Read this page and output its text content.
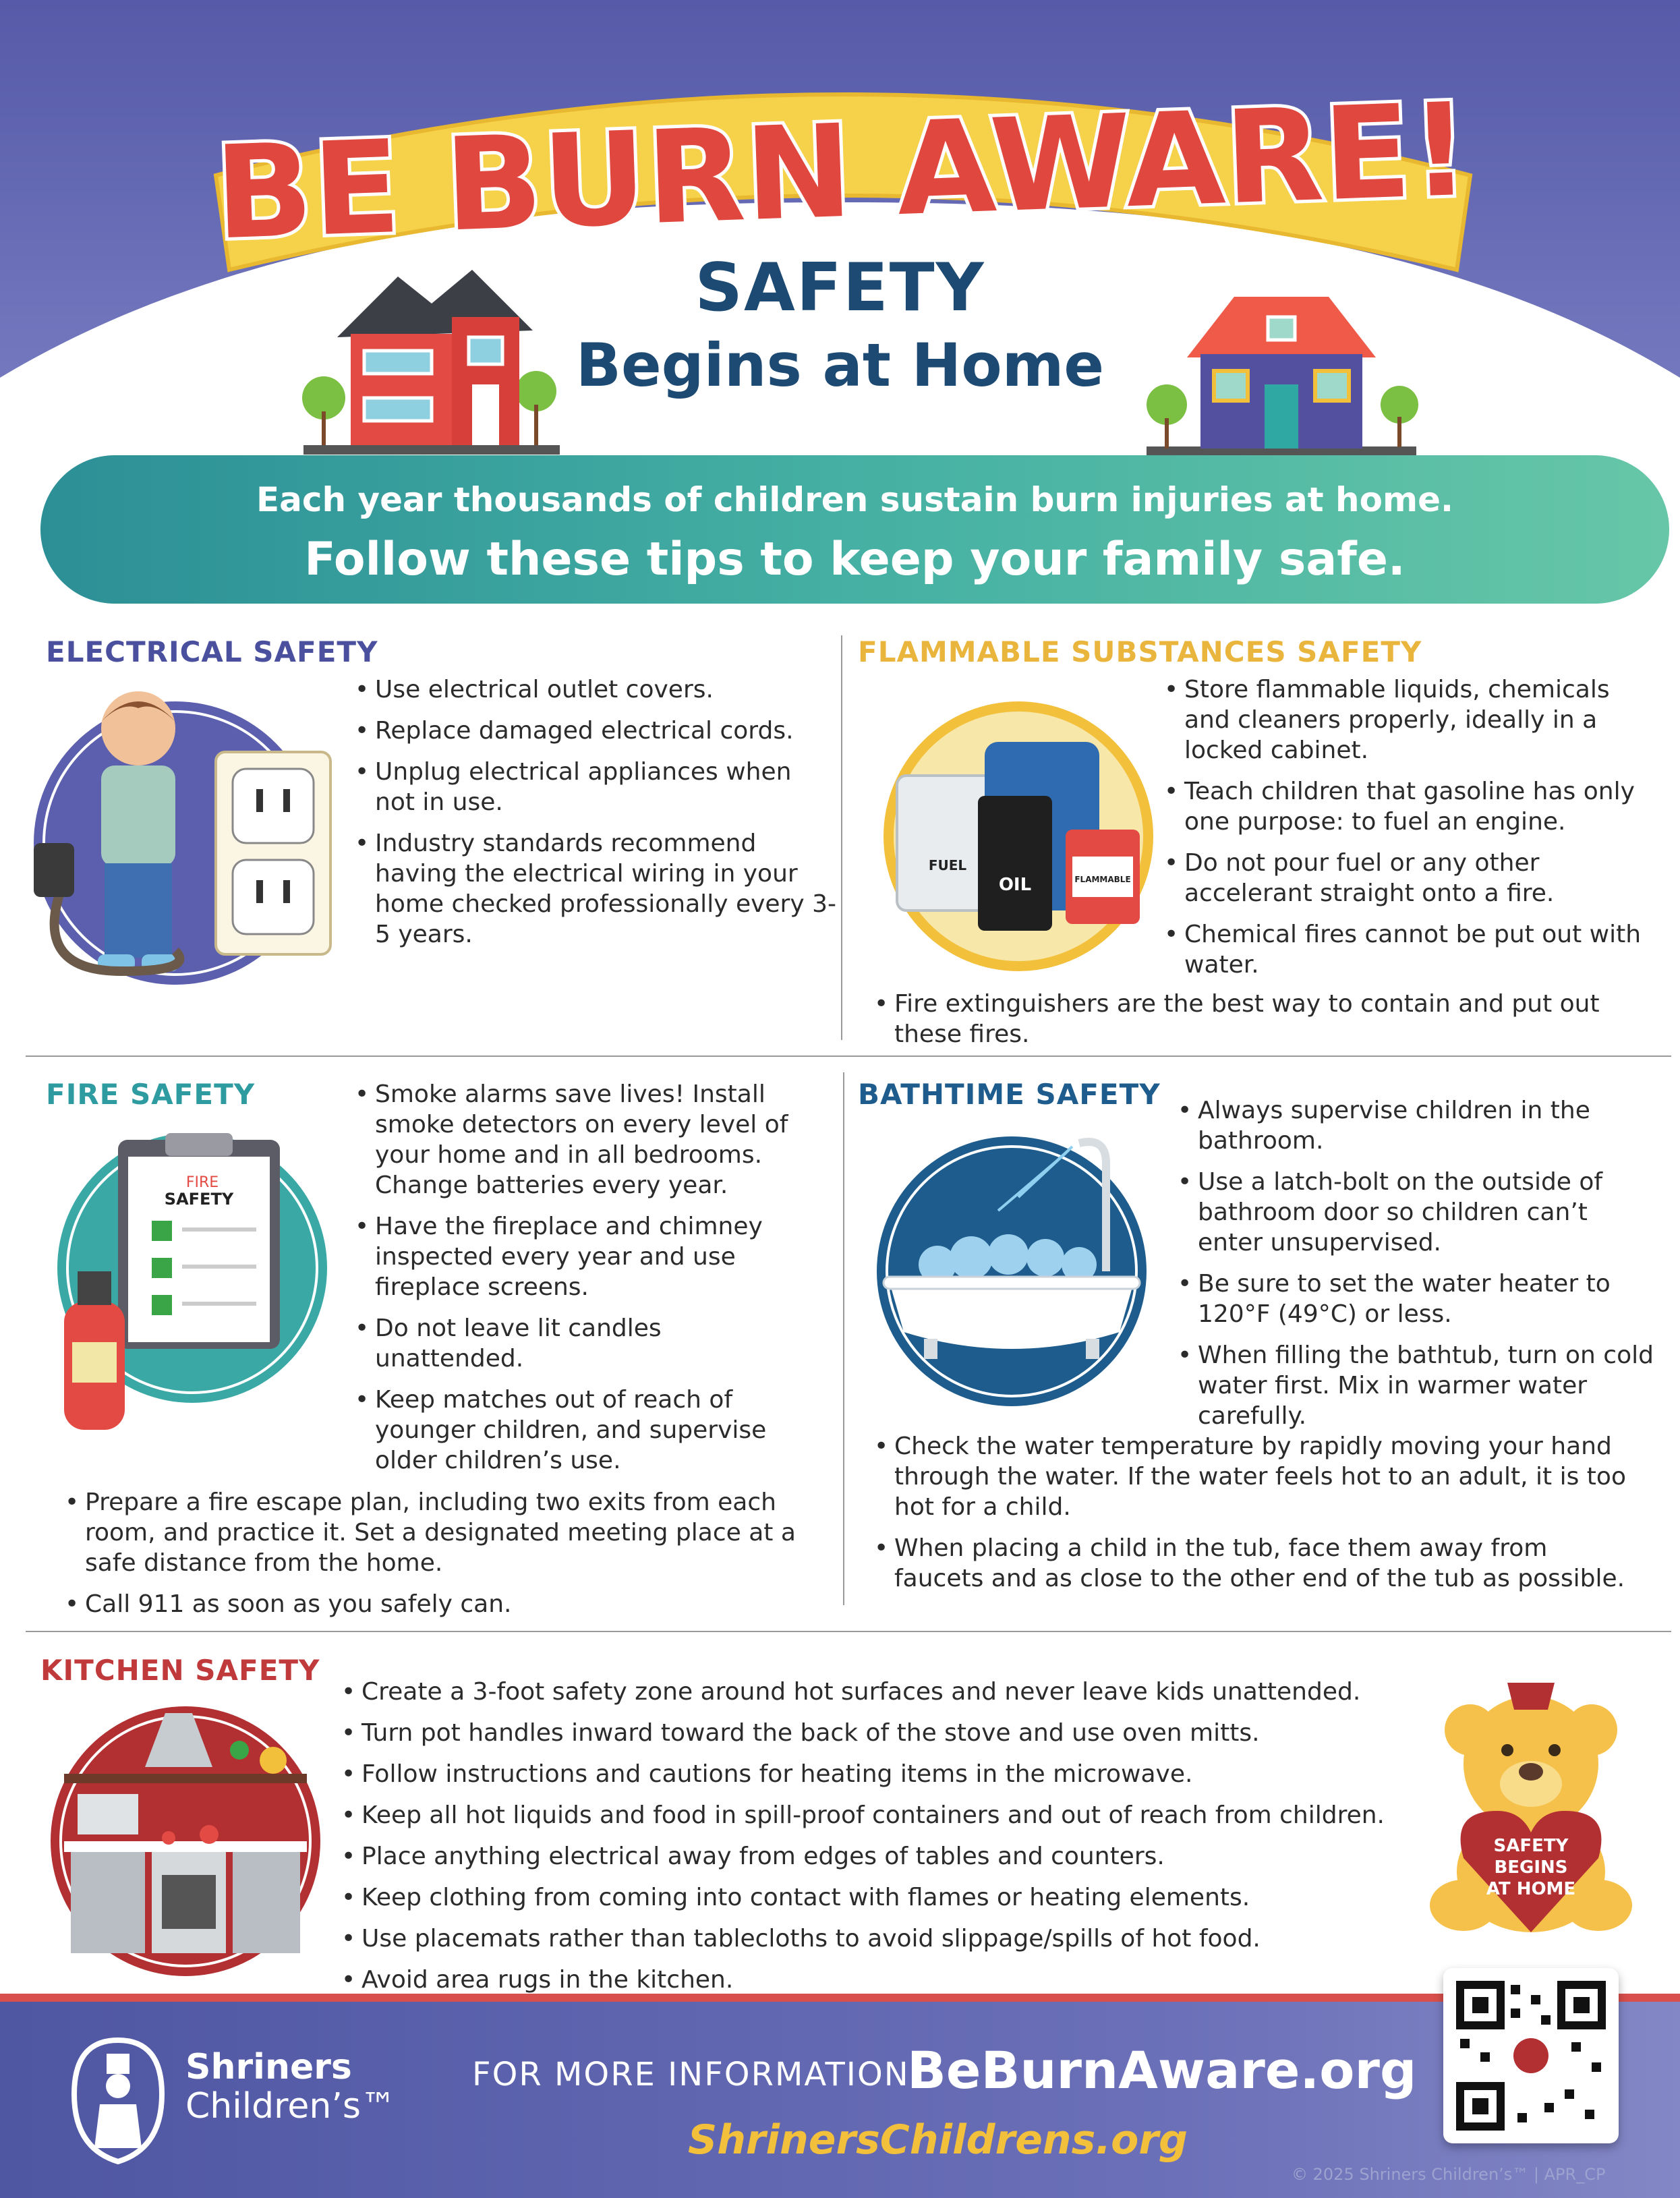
BE BURN AWARE!
SAFETY
Begins at Home
Each year thousands of children sustain burn injuries at home.
Follow these tips to keep your family safe.
ELECTRICAL SAFETY
• Use electrical outlet covers.
• Replace damaged electrical cords.
• Unplug electrical appliances when not in use.
• Industry standards recommend having the electrical wiring in your home checked professionally every 3-5 years.
FLAMMABLE SUBSTANCES SAFETY
FUEL
OIL	FLAMMABLE
• Store flammable liquids, chemicals and cleaners properly, ideally in a locked cabinet.
• Teach children that gasoline has only one purpose: to fuel an engine.
• Do not pour fuel or any other accelerant straight onto a fire.
• Chemical fires cannot be put out with water.
• Fire extinguishers are the best way to contain and put out these fires.
FIRE SAFETY
FIRE
SAFETY
• Smoke alarms save lives! Install smoke detectors on every level of your home and in all bedrooms. Change batteries every year.
• Have the fireplace and chimney inspected every year and use fireplace screens.
• Do not leave lit candles unattended.
• Keep matches out of reach of younger children, and supervise older children’s use.
• Prepare a fire escape plan, including two exits from each room, and practice it. Set a designated meeting place at a safe distance from the home.
• Call 911 as soon as you safely can.
BATHTIME SAFETY
•	Always supervise children in the bathroom.
• Use a latch-bolt on the outside of bathroom door so children can’t enter unsupervised.
• Be sure to set the water heater to 120°F (49°C) or less.
• When filling the bathtub, turn on cold water first. Mix in warmer water carefully.
• Check the water temperature by rapidly moving your hand through the water. If the water feels hot to an adult, it is too hot for a child.
• When placing a child in the tub, face them away from faucets and as close to the other end of the tub as possible.
KITCHEN SAFETY
• Create a 3-foot safety zone around hot surfaces and never leave kids unattended.
• Turn pot handles inward toward the back of the stove and use oven mitts.
• Follow instructions and cautions for heating items in the microwave.
• Keep all hot liquids and food in spill-proof containers and out of reach from children.
• Place anything electrical away from edges of tables and counters.
• Keep clothing from coming into contact with flames or heating elements.
• Use placemats rather than tablecloths to avoid slippage/spills of hot food.
• Avoid area rugs in the kitchen.
SAFETY
BEGINS
AT HOME
Shriners
Children’s™
FOR MORE INFORMATION:
BeBurnAware.org
ShrinersChildrens.org
© 2025 Shriners Children’s™ | APR_CP
